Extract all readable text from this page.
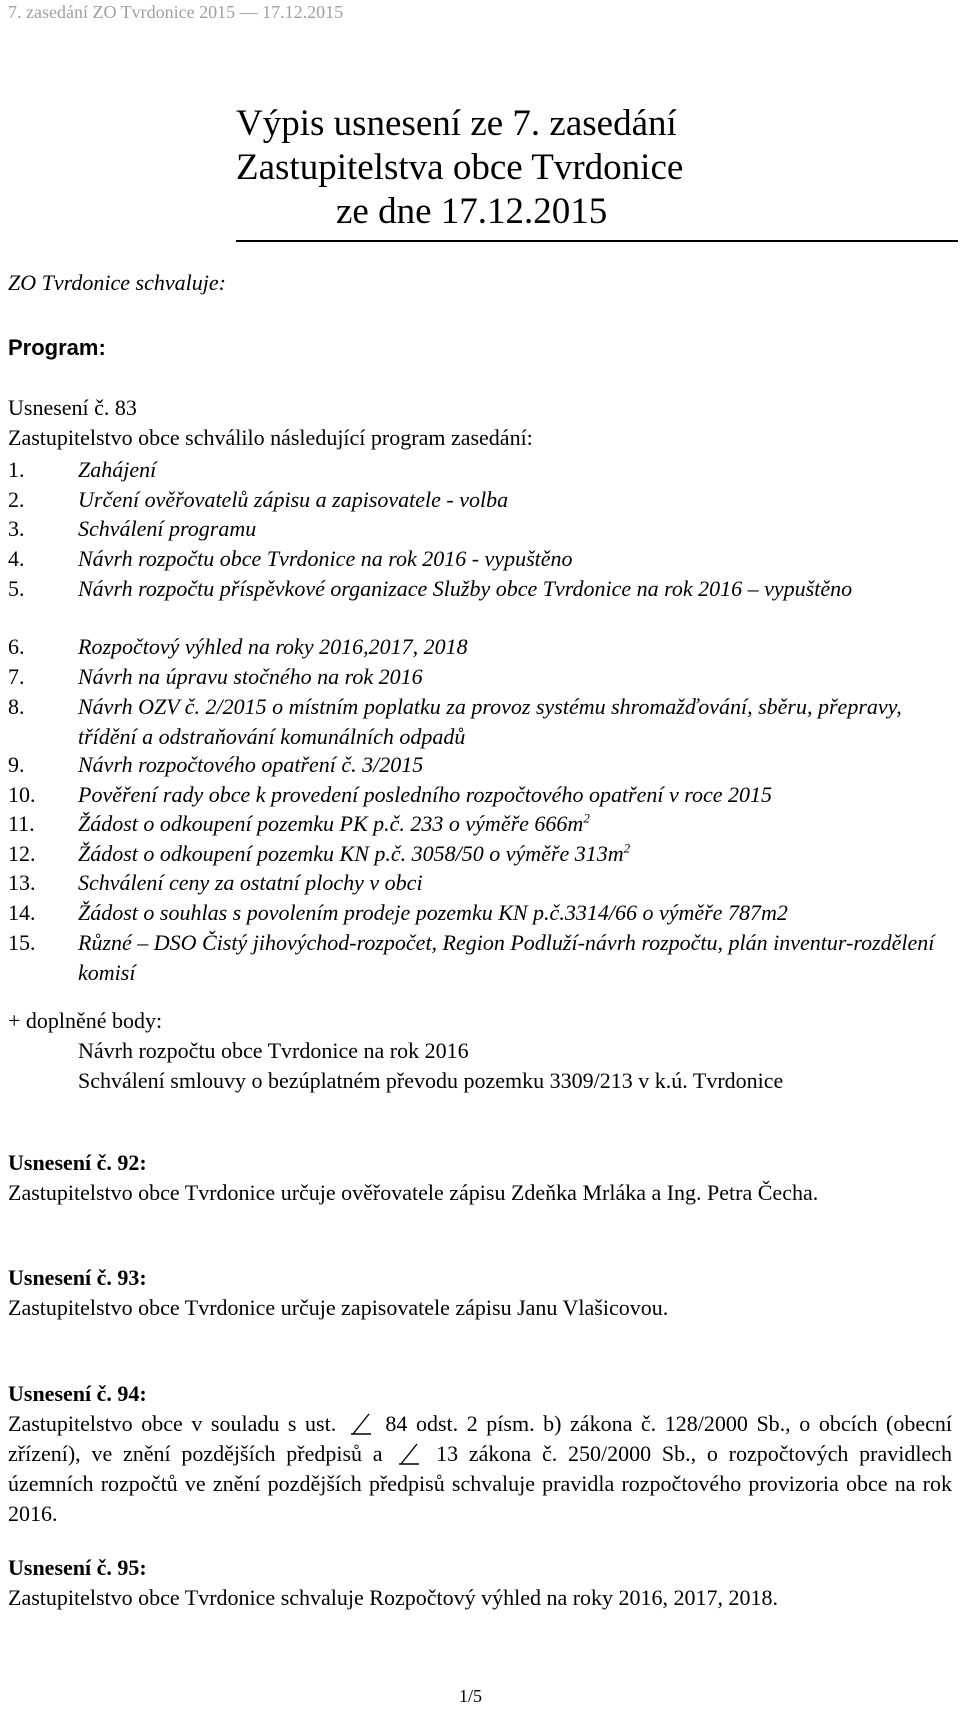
7. zasedání ZO Tvrdonice 2015 — 17.12.2015
Výpis usnesení ze 7. zasedání
Zastupitelstva obce Tvrdonice
ze dne 17.12.2015
ZO Tvrdonice schvaluje:
Program:
Usnesení č. 83
Zastupitelstvo obce schválilo následující program zasedání:
1.	Zahájení
2.	Určení ověřovatelů zápisu a zapisovatele - volba
3.	Schválení programu
4.	Návrh rozpočtu obce Tvrdonice na rok 2016 - vypuštěno
5.	Návrh rozpočtu příspěvkové organizace Služby obce Tvrdonice na rok 2016 – vypuštěno
6.	Rozpočtový výhled na roky 2016,2017, 2018
7.	Návrh na úpravu stočného na rok 2016
8.	Návrh OZV č. 2/2015 o místním poplatku za provoz systému shromažďování, sběru, přepravy, třídění a odstraňování komunálních odpadů
9.	Návrh rozpočtového opatření č. 3/2015
10.	Pověření rady obce k provedení posledního rozpočtového opatření v roce 2015
11.	Žádost o odkoupení pozemku PK p.č. 233 o výměře $666m^2$
12.	Žádost o odkoupení pozemku KN p.č. 3058/50 o výměře $313m^2$
13.	Schválení ceny za ostatní plochy v obci
14.	Žádost o souhlas s povolením prodeje pozemku KN p.č.3314/66 o výměře 787m2
15.	Různé – DSO Čistý jihovýchod-rozpočet, Region Podluží-návrh rozpočtu, plán inventur-rozdělení komisí
+ doplněné body:
Návrh rozpočtu obce Tvrdonice na rok 2016
Schválení smlouvy o bezúplatném převodu pozemku 3309/213 v k.ú. Tvrdonice
Usnesení č. 92:
Zastupitelstvo obce Tvrdonice určuje ověřovatele zápisu Zdeňka Mrláka a Ing. Petra Čecha.
Usnesení č. 93:
Zastupitelstvo obce Tvrdonice určuje zapisovatele zápisu Janu Vlašicovou.
Usnesení č. 94:
Zastupitelstvo obce v souladu s ust. 84 odst. 2 písm. b) zákona č. 128/2000 Sb., o obcích (obecní zřízení), ve znění pozdějších předpisů a 13 zákona č. 250/2000 Sb., o rozpočtových pravidlech územních rozpočtů ve znění pozdějších předpisů schvaluje pravidla rozpočtového provizoria obce na rok 2016.
Usnesení č. 95:
Zastupitelstvo obce Tvrdonice schvaluje Rozpočtový výhled na roky 2016, 2017, 2018.
1/5
